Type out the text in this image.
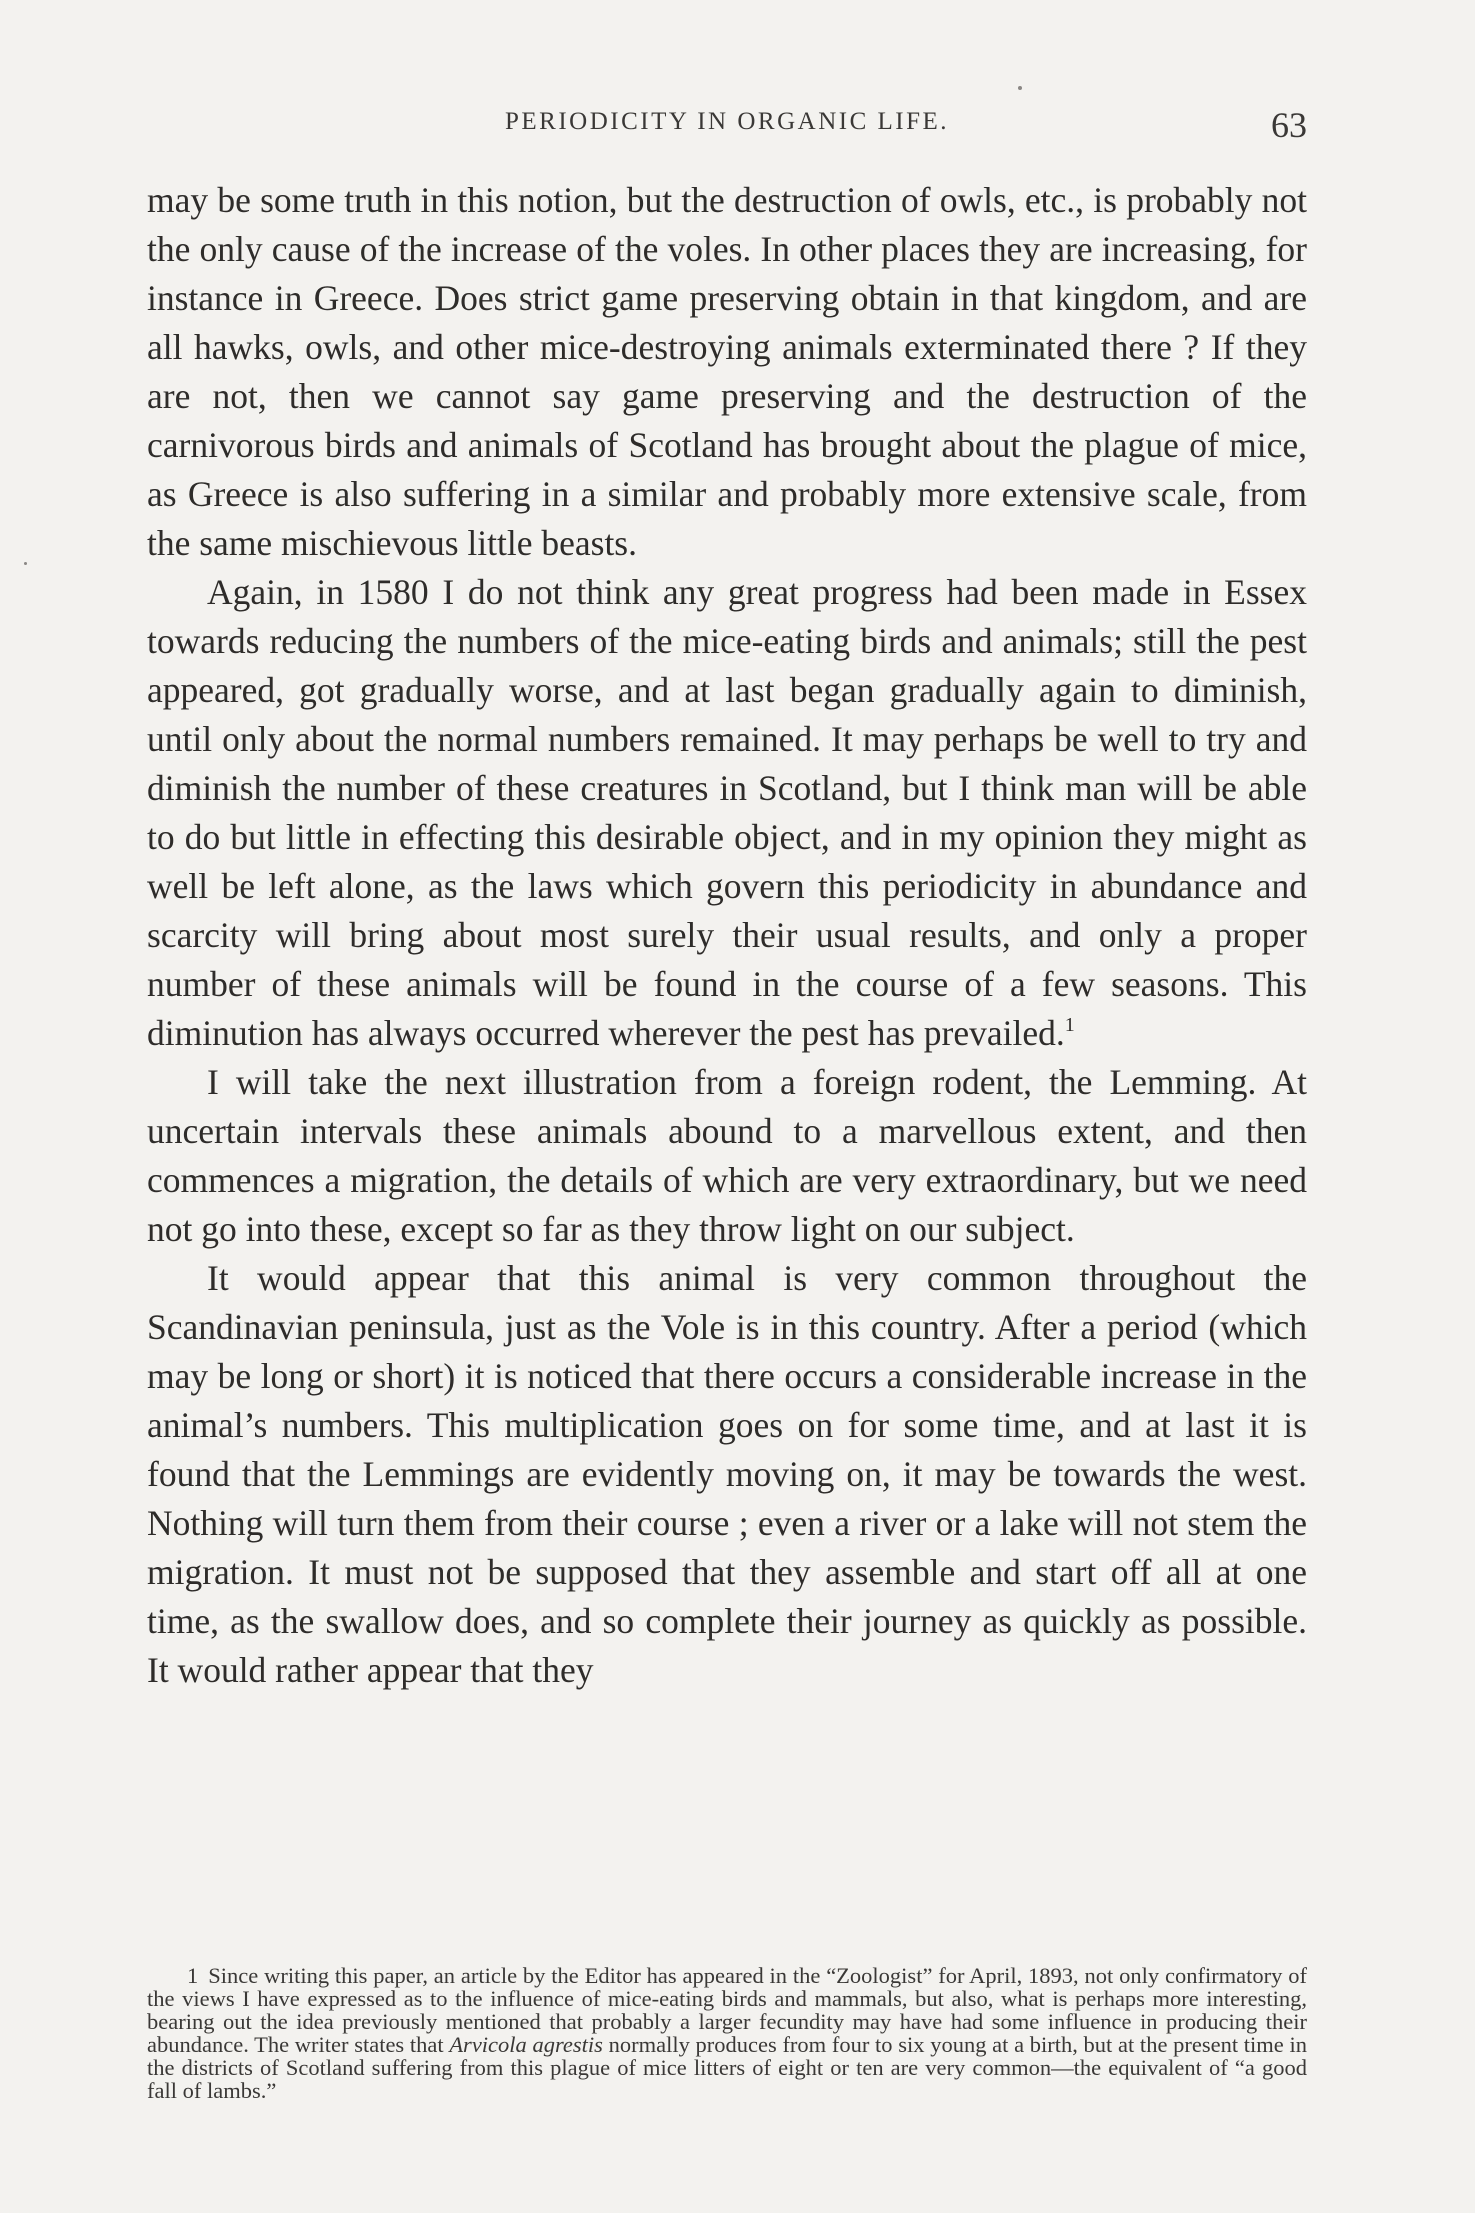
PERIODICITY IN ORGANIC LIFE.	63

may be some truth in this notion, but the destruction of owls, etc., is probably not the only cause of the increase of the voles. In other places they are increasing, for instance in Greece. Does strict game preserving obtain in that kingdom, and are all hawks, owls, and other mice-destroying animals exterminated there ? If they are not, then we cannot say game preserving and the destruction of the carnivorous birds and animals of Scotland has brought about the plague of mice, as Greece is also suffering in a similar and probably more extensive scale, from the same mischievous little beasts.

Again, in 1580 I do not think any great progress had been made in Essex towards reducing the numbers of the mice-eating birds and animals; still the pest appeared, got gradually worse, and at last began gradually again to diminish, until only about the normal numbers remained. It may perhaps be well to try and diminish the number of these creatures in Scotland, but I think man will be able to do but little in effecting this desirable object, and in my opinion they might as well be left alone, as the laws which govern this periodicity in abundance and scarcity will bring about most surely their usual results, and only a proper number of these animals will be found in the course of a few seasons. This diminution has always occurred wherever the pest has prevailed.$^1$

I will take the next illustration from a foreign rodent, the Lemming. At uncertain intervals these animals abound to a marvellous extent, and then commences a migration, the details of which are very extraordinary, but we need not go into these, except so far as they throw light on our subject.

It would appear that this animal is very common throughout the Scandinavian peninsula, just as the Vole is in this country. After a period (which may be long or short) it is noticed that there occurs a considerable increase in the animal’s numbers. This multiplication goes on for some time, and at last it is found that the Lemmings are evidently moving on, it may be towards the west. Nothing will turn them from their course ; even a river or a lake will not stem the migration. It must not be supposed that they assemble and start off all at one time, as the swallow does, and so complete their journey as quickly as possible. It would rather appear that they

1 Since writing this paper, an article by the Editor has appeared in the “Zoologist” for April, 1893, not only confirmatory of the views I have expressed as to the influence of mice-eating birds and mammals, but also, what is perhaps more interesting, bearing out the idea previously mentioned that probably a larger fecundity may have had some influence in producing their abundance. The writer states that Arvicola agrestis normally produces from four to six young at a birth, but at the present time in the districts of Scotland suffering from this plague of mice litters of eight or ten are very common—the equivalent of “a good fall of lambs.”
